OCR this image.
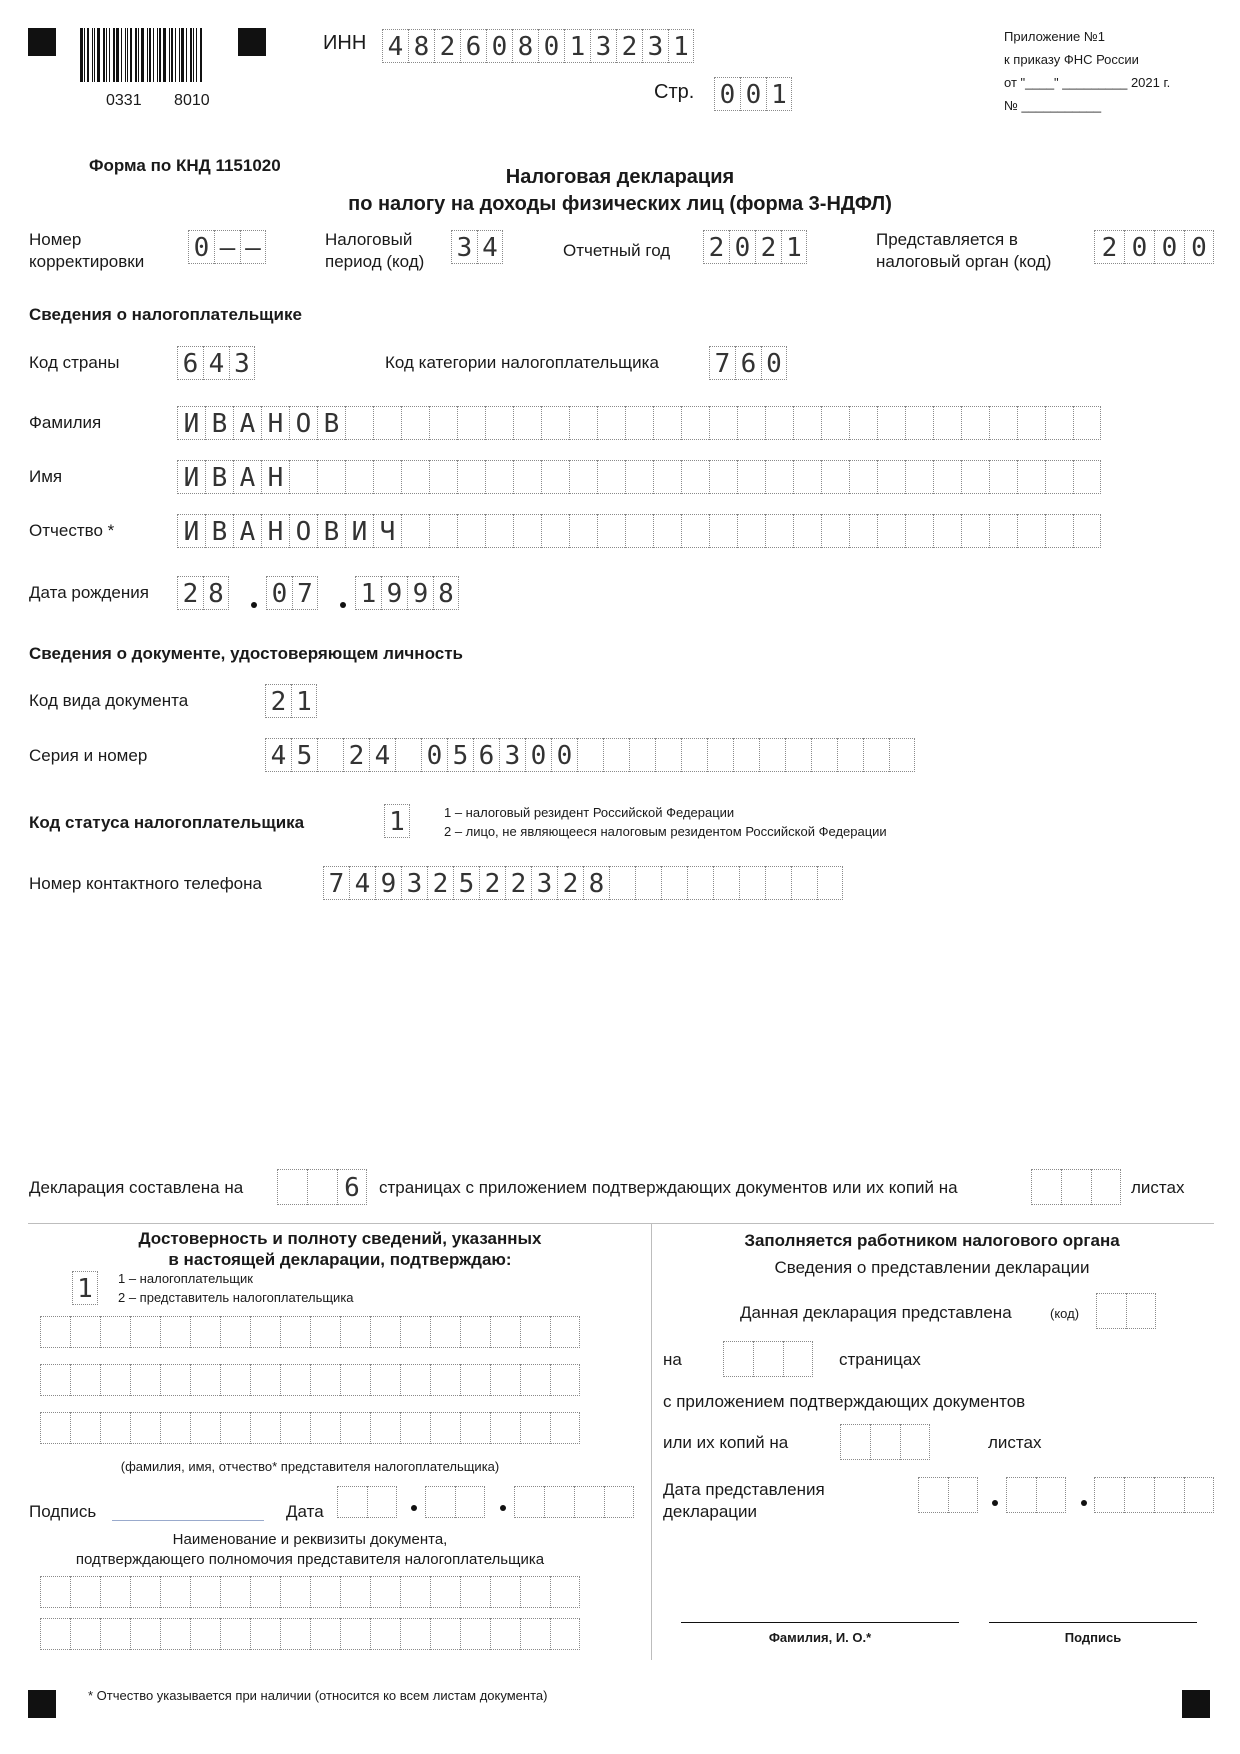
0331 8010
ИНН 4 8 2 6 0 8 0 1 3 2 3 1
Стр. 0 0 1
Приложение №1
к приказу ФНС России
от "____" _________ 2021 г.
№ ___________
Форма по КНД 1151020
Налоговая декларация
по налогу на доходы физических лиц (форма 3-НДФЛ)
Номер
корректировки 0 – –	Налоговый
период (код) 3 4	Отчетный год 2 0 2 1	Представляется в
налоговый орган (код) 2 0 0 0
Сведения о налогоплательщике
Код страны 6 4 3	Код категории налогоплательщика 7 6 0
Фамилия	И В А Н О В
Имя	И В А Н
Отчество *	И В А Н О В И Ч
Дата рождения 2 8 0 7 1 9 9 8
Сведения о документе, удостоверяющем личность
Код вида документа	2 1
Серия и номер	4 5 2 4 0 5 6 3 0 0
Код статуса налогоплательщика	1	1 – налоговый резидент Российской Федерации
2 – лицо, не являющееся налоговым резидентом Российской Федерации
Номер контактного телефона	7 4 9 3 2 5 2 2 3 2 8
Декларация составлена на	6	страницах с приложением подтверждающих документов или их копий на	листах
Достоверность и полноту сведений, указанных
в настоящей декларации, подтверждаю:
1	1 – налогоплательщик
2 – представитель налогоплательщика
(фамилия, имя, отчество* представителя налогоплательщика)
Подпись	Дата
Наименование и реквизиты документа,
подтверждающего полномочия представителя налогоплательщика
Заполняется работником налогового органа
Сведения о представлении декларации
Данная декларация представлена	(код)
на	страницах
с приложением подтверждающих документов
или их копий на	листах
Дата представления
декларации
Фамилия, И. О.*	Подпись
* Отчество указывается при наличии (относится ко всем листам документа)
